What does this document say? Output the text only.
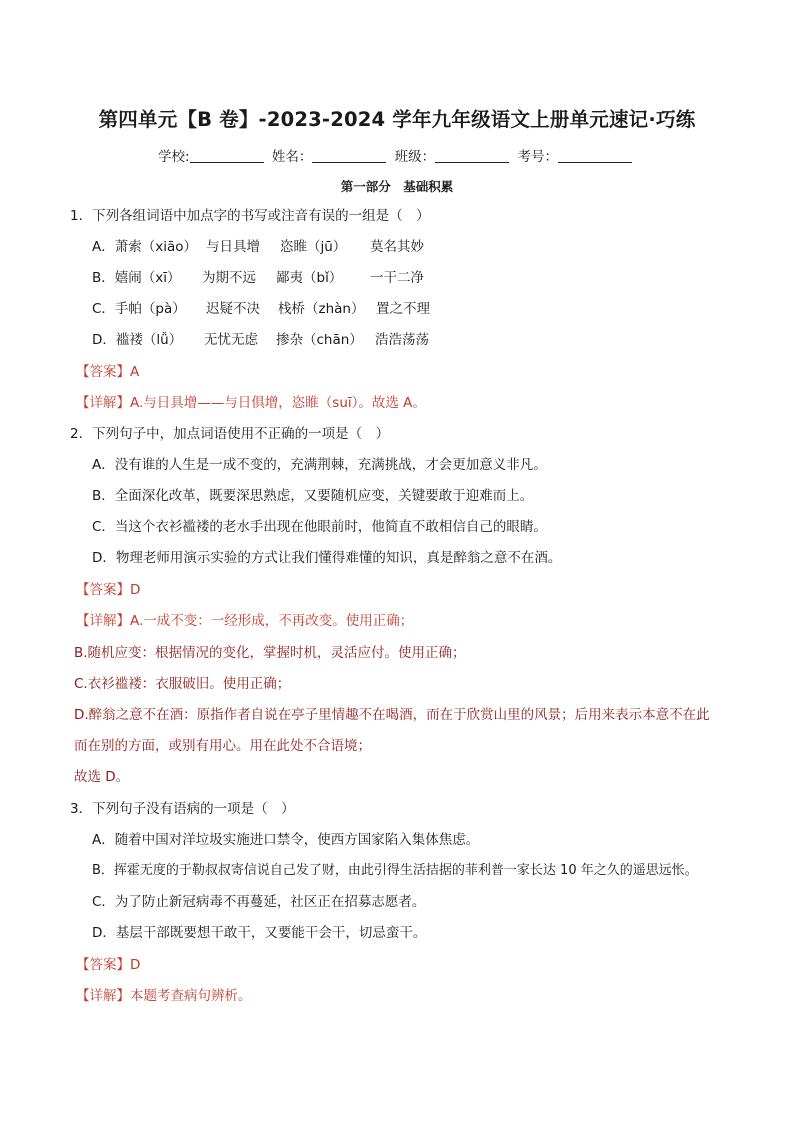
第四单元【B 卷】-2023-2024 学年九年级语文上册单元速记·巧练
学校:	姓名：	班级：	考号：
第一部分　基础积累
1．下列各组词语中加点字的书写或注音有误的一组是（　）
A．萧索（xiāo） 与日具增 恣睢（jū） 莫名其妙
B．嬉闹（xī） 为期不远 鄙夷（bǐ） 一干二净
C．手帕（pà） 迟疑不决 栈桥（zhàn） 置之不理
D．褴褛（lǚ） 无忧无虑 掺杂（chān） 浩浩荡荡
【答案】A
【详解】A.与日具增——与日俱增，恣睢（suī）。故选 A。
2．下列句子中，加点词语使用不正确的一项是（　）
A．没有谁的人生是一成不变的，充满荆棘，充满挑战，才会更加意义非凡。
B．全面深化改革，既要深思熟虑，又要随机应变，关键要敢于迎难而上。
C．当这个衣衫褴褛的老水手出现在他眼前时，他简直不敢相信自己的眼睛。
D．物理老师用演示实验的方式让我们懂得难懂的知识，真是醉翁之意不在酒。
【答案】D
【详解】A.一成不变：一经形成，不再改变。使用正确；
B.随机应变：根据情况的变化，掌握时机，灵活应付。使用正确；
C.衣衫褴褛：衣服破旧。使用正确；
D.醉翁之意不在酒：原指作者自说在亭子里情趣不在喝酒，而在于欣赏山里的风景；后用来表示本意不在此
而在别的方面，或别有用心。用在此处不合语境；
故选 D。
3．下列句子没有语病的一项是（　）
A．随着中国对洋垃圾实施进口禁令，使西方国家陷入集体焦虑。
B．挥霍无度的于勒叔叔寄信说自己发了财，由此引得生活拮据的菲利普一家长达 10 年之久的遥思远怅。
C．为了防止新冠病毒不再蔓延，社区正在招募志愿者。
D．基层干部既要想干敢干，又要能干会干，切忌蛮干。
【答案】D
【详解】本题考查病句辨析。
